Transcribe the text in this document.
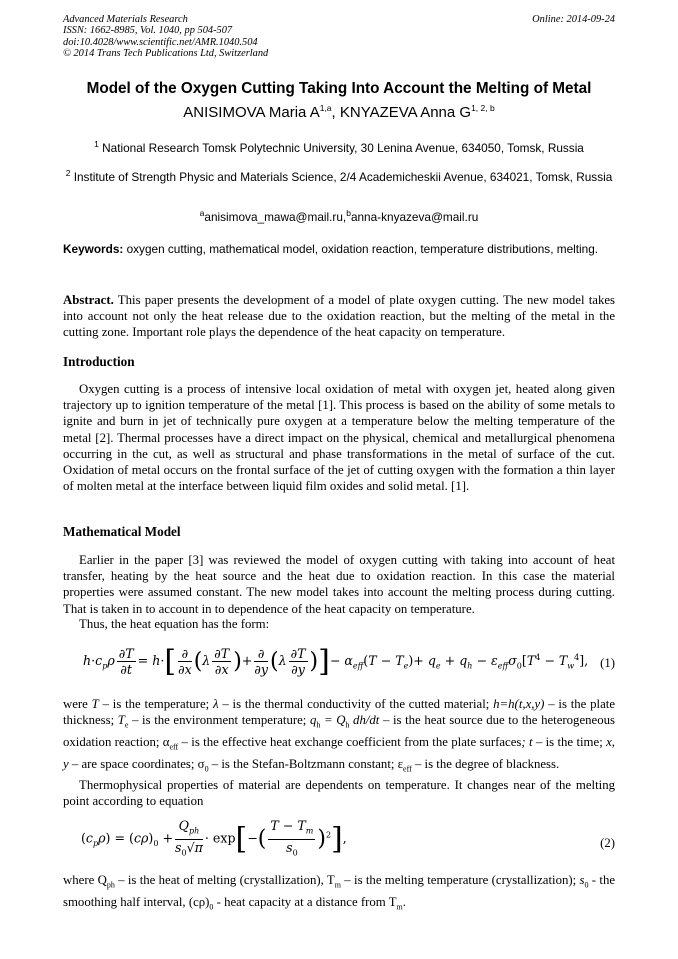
Advanced Materials Research
ISSN: 1662-8985, Vol. 1040, pp 504-507
doi:10.4028/www.scientific.net/AMR.1040.504
© 2014 Trans Tech Publications Ltd, Switzerland
Online: 2014-09-24
Model of the Oxygen Cutting Taking Into Account the Melting of Metal
ANISIMOVA Maria A$^{1,a}$, KNYAZEVA Anna G$^{1, 2, b}$
$^1$ National Research Tomsk Polytechnic University, 30 Lenina Avenue, 634050, Tomsk, Russia
$^2$ Institute of Strength Physic and Materials Science, 2/4 Academicheskii Avenue, 634021, Tomsk, Russia
$^a$anisimova_mawa@mail.ru,$^b$anna-knyazeva@mail.ru
Keywords: oxygen cutting, mathematical model, oxidation reaction, temperature distributions, melting.
Abstract. This paper presents the development of a model of plate oxygen cutting. The new model takes into account not only the heat release due to the oxidation reaction, but the melting of the metal in the cutting zone. Important role plays the dependence of the heat capacity on temperature.
Introduction
Oxygen cutting is a process of intensive local oxidation of metal with oxygen jet, heated along given trajectory up to ignition temperature of the metal [1]. This process is based on the ability of some metals to ignite and burn in jet of technically pure oxygen at a temperature below the melting temperature of the metal [2]. Thermal processes have a direct impact on the physical, chemical and metallurgical phenomena occurring in the cut, as well as structural and phase transformations in the metal of surface of the cut. Oxidation of metal occurs on the frontal surface of the jet of cutting oxygen with the formation a thin layer of molten metal at the interface between liquid film oxides and solid metal. [1].
Mathematical Model
Earlier in the paper [3] was reviewed the model of oxygen cutting with taking into account of heat transfer, heating by the heat source and the heat due to oxidation reaction. In this case the material properties were assumed constant. The new model takes into account the melting process during cutting. That is taken in to account in to dependence of the heat capacity on temperature.
Thus, the heat equation has the form:
$h\cdot c_p\rho \frac{\partial T}{\partial t} = h\cdot[ \frac{\partial}{\partial x} (\lambda \frac{\partial T}{\partial x}$ )+ $\frac{\partial}{\partial y} (\lambda \frac{\partial T}{\partial y}$ )]− $\alpha_{eff}(T - T_e)+ q_e + q_h - \varepsilon_{eff}\sigma_0[T^4 - T_w^4]$, (1)
were T – is the temperature; λ – is the thermal conductivity of the cutted material; h=h(t,x,y) – is the plate thickness; $T_e$ – is the environment temperature; $q_h = Q_h$ dh/dt – is the heat source due to the heterogeneous oxidation reaction; $\alpha_{eff}$ – is the effective heat exchange coefficient from the plate surfaces; t – is the time; x, y – are space coordinates; $\sigma_0$ – is the Stefan-Boltzmann constant; $\varepsilon_{eff}$ – is the degree of blackness.
Thermophysical properties of material are dependents on temperature. It changes near of the melting point according to equation
$(c_p\rho) = (c\rho)_0 + \frac{Q_{ph}}{s_0√\pi} \cdot \exp[-( \frac{T - T_m}{s_0} )^2]$,	(2)
where $Q_{ph}$ – is the heat of melting (crystallization), $T_m$ – is the melting temperature (crystallization); $s_0$ - the smoothing half interval, $(c\rho)_0$ - heat capacity at a distance from $T_m$.
